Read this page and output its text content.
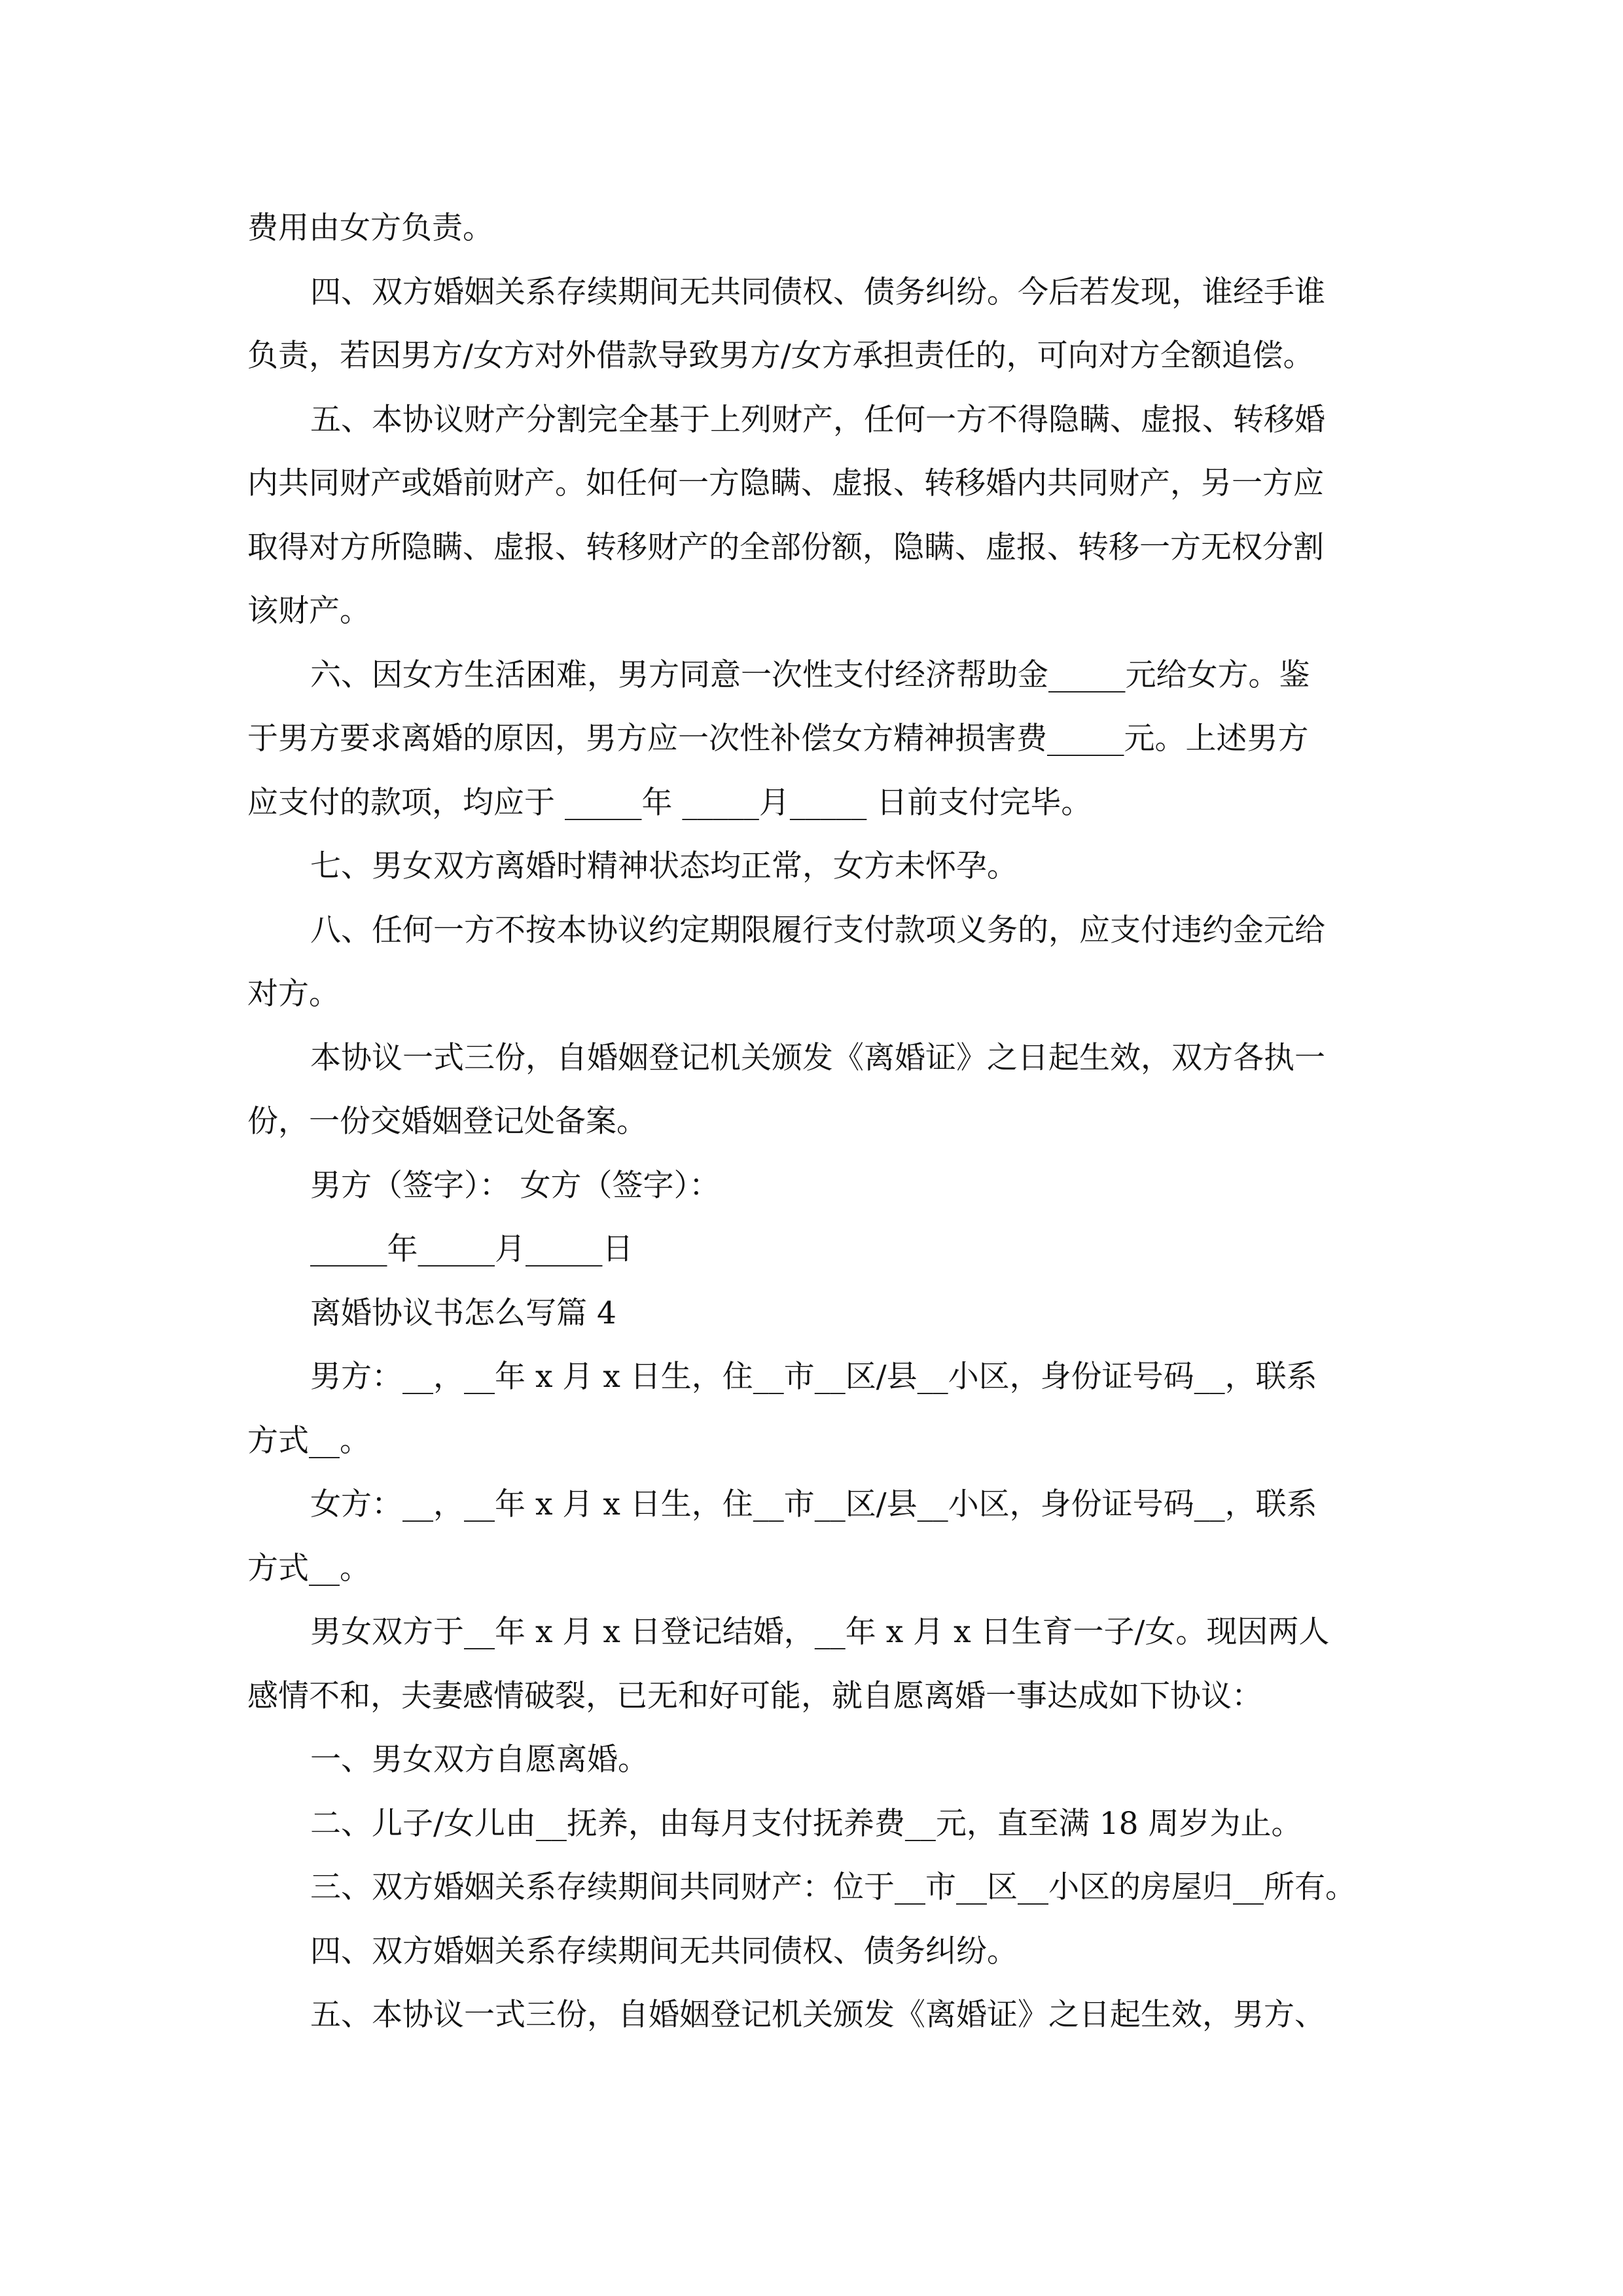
费用由女方负责。

四、双方婚姻关系存续期间无共同债权、债务纠纷。今后若发现，谁经手谁

负责，若因男方/女方对外借款导致男方/女方承担责任的，可向对方全额追偿。

五、本协议财产分割完全基于上列财产，任何一方不得隐瞒、虚报、转移婚

内共同财产或婚前财产。如任何一方隐瞒、虚报、转移婚内共同财产，另一方应

取得对方所隐瞒、虚报、转移财产的全部份额，隐瞒、虚报、转移一方无权分割

该财产。

六、因女方生活困难，男方同意一次性支付经济帮助金_____元给女方。鉴

于男方要求离婚的原因，男方应一次性补偿女方精神损害费_____元。上述男方

应支付的款项，均应于 _____年 _____月_____ 日前支付完毕。

七、男女双方离婚时精神状态均正常，女方未怀孕。

八、任何一方不按本协议约定期限履行支付款项义务的，应支付违约金元给

对方。

本协议一式三份，自婚姻登记机关颁发《离婚证》之日起生效，双方各执一

份，一份交婚姻登记处备案。

男方（签字）： 女方（签字）：

_____年_____月_____日

离婚协议书怎么写篇 4

男方：__，__年 x 月 x 日生，住__市__区/县__小区，身份证号码__，联系

方式__。

女方：__，__年 x 月 x 日生，住__市__区/县__小区，身份证号码__，联系

方式__。

男女双方于__年 x 月 x 日登记结婚，__年 x 月 x 日生育一子/女。现因两人

感情不和，夫妻感情破裂，已无和好可能，就自愿离婚一事达成如下协议：

一、男女双方自愿离婚。

二、儿子/女儿由__抚养，由每月支付抚养费__元，直至满 18 周岁为止。

三、双方婚姻关系存续期间共同财产：位于__市__区__小区的房屋归__所有。

四、双方婚姻关系存续期间无共同债权、债务纠纷。

五、本协议一式三份，自婚姻登记机关颁发《离婚证》之日起生效，男方、
